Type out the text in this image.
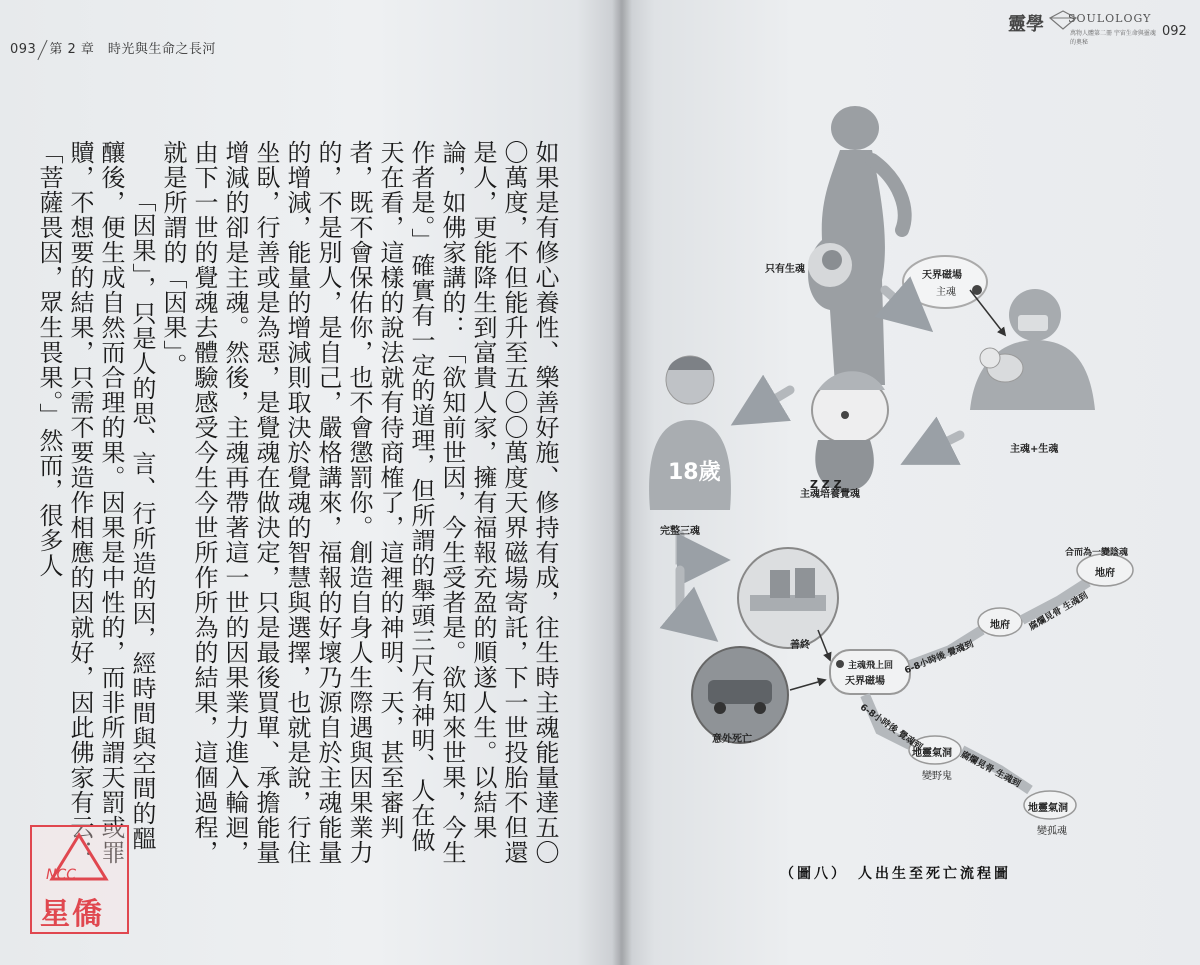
093 第 2 章　時光與生命之長河

如果是有修心養性、樂善好施、修持有成，往生時主魂能量達五〇〇萬度，不但能升至五〇〇萬度天界磁場寄託，下一世投胎不但還是人，更能降生到富貴人家，擁有福報充盈的順遂人生。以結果論，如佛家講的：「欲知前世因，今生受者是。欲知來世果，今生作者是。」確實有一定的道理，但所謂的舉頭三尺有神明、人在做天在看，這樣的說法就有待商榷了，這裡的神明、天，甚至審判者，既不會保佑你，也不會懲罰你。創造自身人生際遇與因果業力的，不是別人，是自己，嚴格講來，福報的好壞乃源自於主魂能量的增減，能量的增減則取決於覺魂的智慧與選擇，也就是說，行住坐臥，行善或是為惡，是覺魂在做決定，只是最後買單、承擔能量增減的卻是主魂。然後，主魂再帶著這一世的因果業力進入輪迴，由下一世的覺魂去體驗感受今生今世所作所為的結果，這個過程，就是所謂的「因果」。

「因果」，只是人的思、言、行所造的因，經時間與空間的醞釀後，便生成自然而合理的果。因果是中性的，而非所謂天罰或罪贖，不想要的結果，只需不要造作相應的因就好，因此佛家有云：「菩薩畏因，眾生畏果。」然而，很多人

NCC
星僑
靈學 SOULOLOGY
萬物人體第二冊 宇宙生命與靈魂的奧秘
092
只有生魂
天界磁場
主魂
主魂+生魂
Z Z Z
主魂培養覺魂
18歲
完整三魂
善終
意外死亡
主魂飛上回
天界磁場
地府
地府
合而為一變陰魂
地靈氣洞
變野鬼
地靈氣洞
變孤魂
6-8小時後 覺魂到
腐爛見骨 生魂到
6-8小時後 覺魂到
腐爛見骨 生魂到
（圖八）　人出生至死亡流程圖
